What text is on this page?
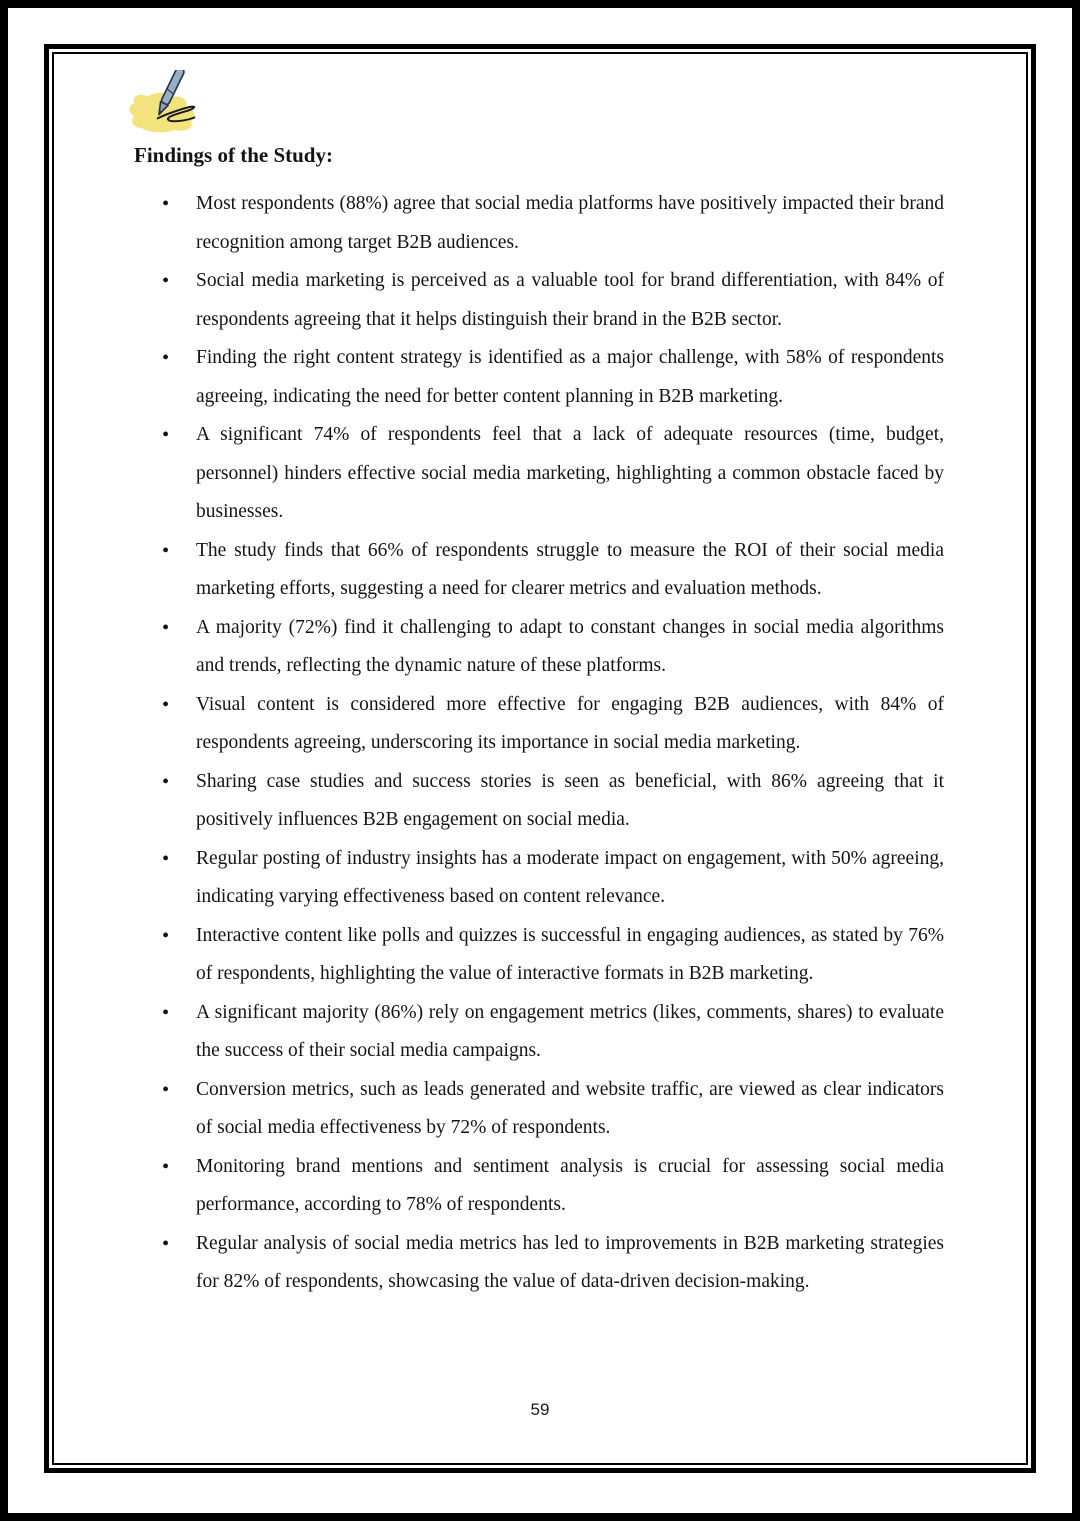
Findings of the Study:
• Most respondents (88%) agree that social media platforms have positively impacted their brand recognition among target B2B audiences.
• Social media marketing is perceived as a valuable tool for brand differentiation, with 84% of respondents agreeing that it helps distinguish their brand in the B2B sector.
• Finding the right content strategy is identified as a major challenge, with 58% of respondents agreeing, indicating the need for better content planning in B2B marketing.
• A significant 74% of respondents feel that a lack of adequate resources (time, budget, personnel) hinders effective social media marketing, highlighting a common obstacle faced by businesses.
• The study finds that 66% of respondents struggle to measure the ROI of their social media marketing efforts, suggesting a need for clearer metrics and evaluation methods.
• A majority (72%) find it challenging to adapt to constant changes in social media algorithms and trends, reflecting the dynamic nature of these platforms.
• Visual content is considered more effective for engaging B2B audiences, with 84% of respondents agreeing, underscoring its importance in social media marketing.
• Sharing case studies and success stories is seen as beneficial, with 86% agreeing that it positively influences B2B engagement on social media.
• Regular posting of industry insights has a moderate impact on engagement, with 50% agreeing, indicating varying effectiveness based on content relevance.
• Interactive content like polls and quizzes is successful in engaging audiences, as stated by 76% of respondents, highlighting the value of interactive formats in B2B marketing.
• A significant majority (86%) rely on engagement metrics (likes, comments, shares) to evaluate the success of their social media campaigns.
• Conversion metrics, such as leads generated and website traffic, are viewed as clear indicators of social media effectiveness by 72% of respondents.
• Monitoring brand mentions and sentiment analysis is crucial for assessing social media performance, according to 78% of respondents.
• Regular analysis of social media metrics has led to improvements in B2B marketing strategies for 82% of respondents, showcasing the value of data-driven decision-making.
59
